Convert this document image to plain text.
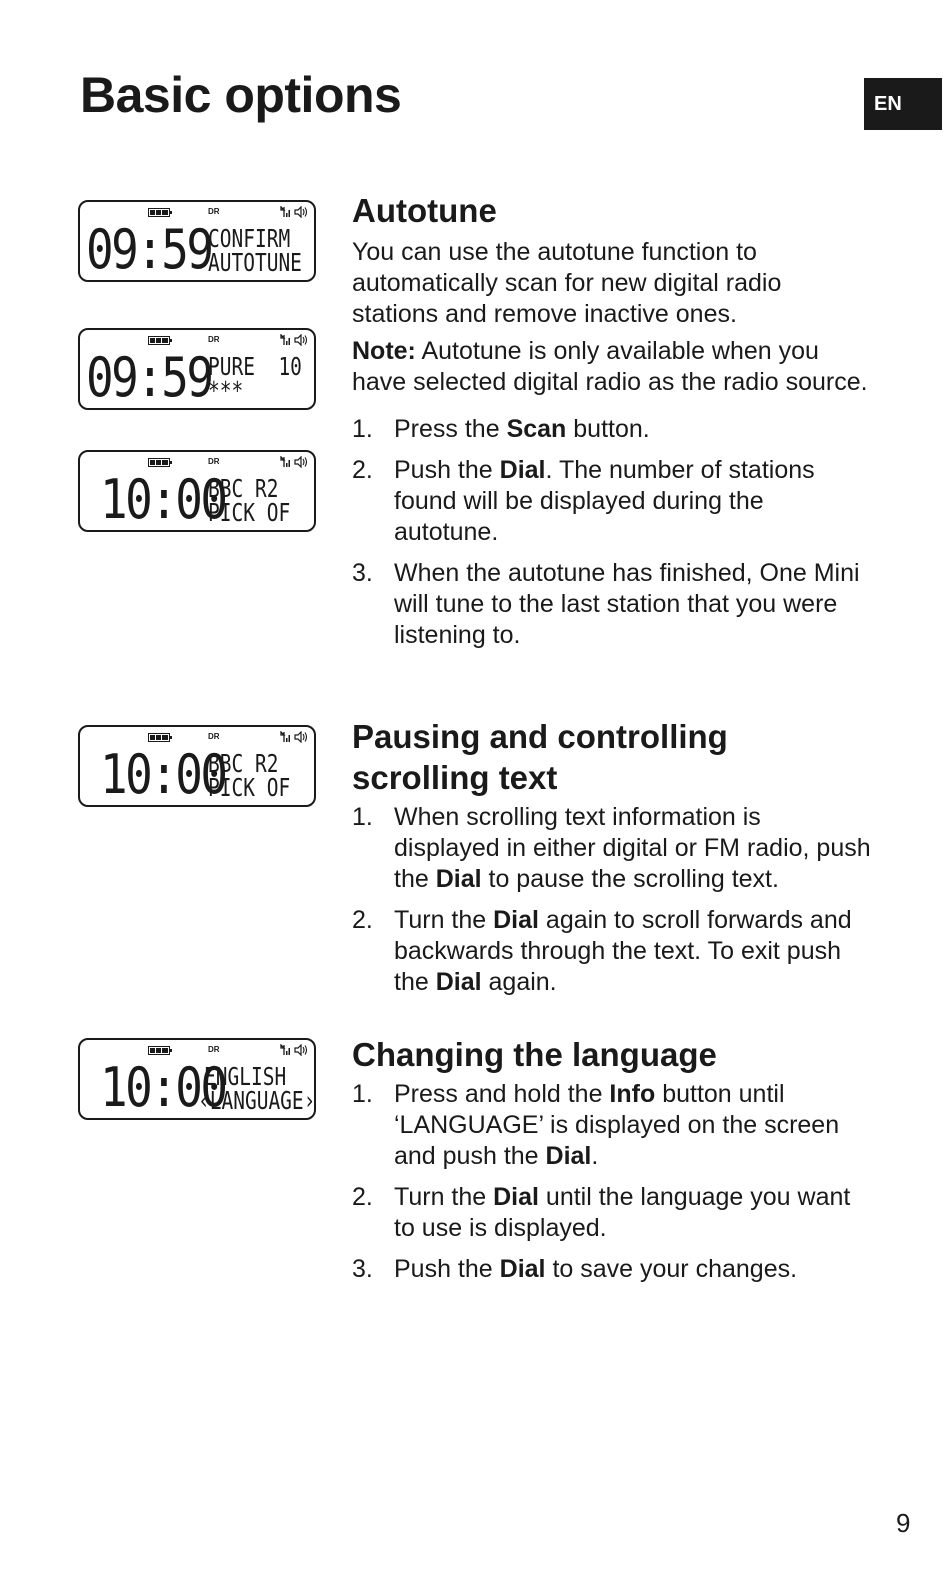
Basic options	EN
DR
09:59
CONFIRM
AUTOTUNE
DR
09:59
PURE  10
***
DR
10:00
BBC R2
PICK OF
DR
10:00
BBC R2
PICK OF
DR
10:00
ENGLISH
‹LANGUAGE›
Autotune

You can use the autotune function to automatically scan for new digital radio stations and remove inactive ones.

Note: Autotune is only available when you have selected digital radio as the radio source.

1. Press the Scan button.
2. Push the Dial. The number of stations found will be displayed during the autotune.
3. When the autotune has finished, One Mini will tune to the last station that you were listening to.
Pausing and controlling
scrolling text
1. When scrolling text information is displayed in either digital or FM radio, push the Dial to pause the scrolling text.
2. Turn the Dial again to scroll forwards and backwards through the text. To exit push the Dial again.
Changing the language
1. Press and hold the Info button until ‘LANGUAGE’ is displayed on the screen and push the Dial.
2. Turn the Dial until the language you want to use is displayed.
3. Push the Dial to save your changes.
9
